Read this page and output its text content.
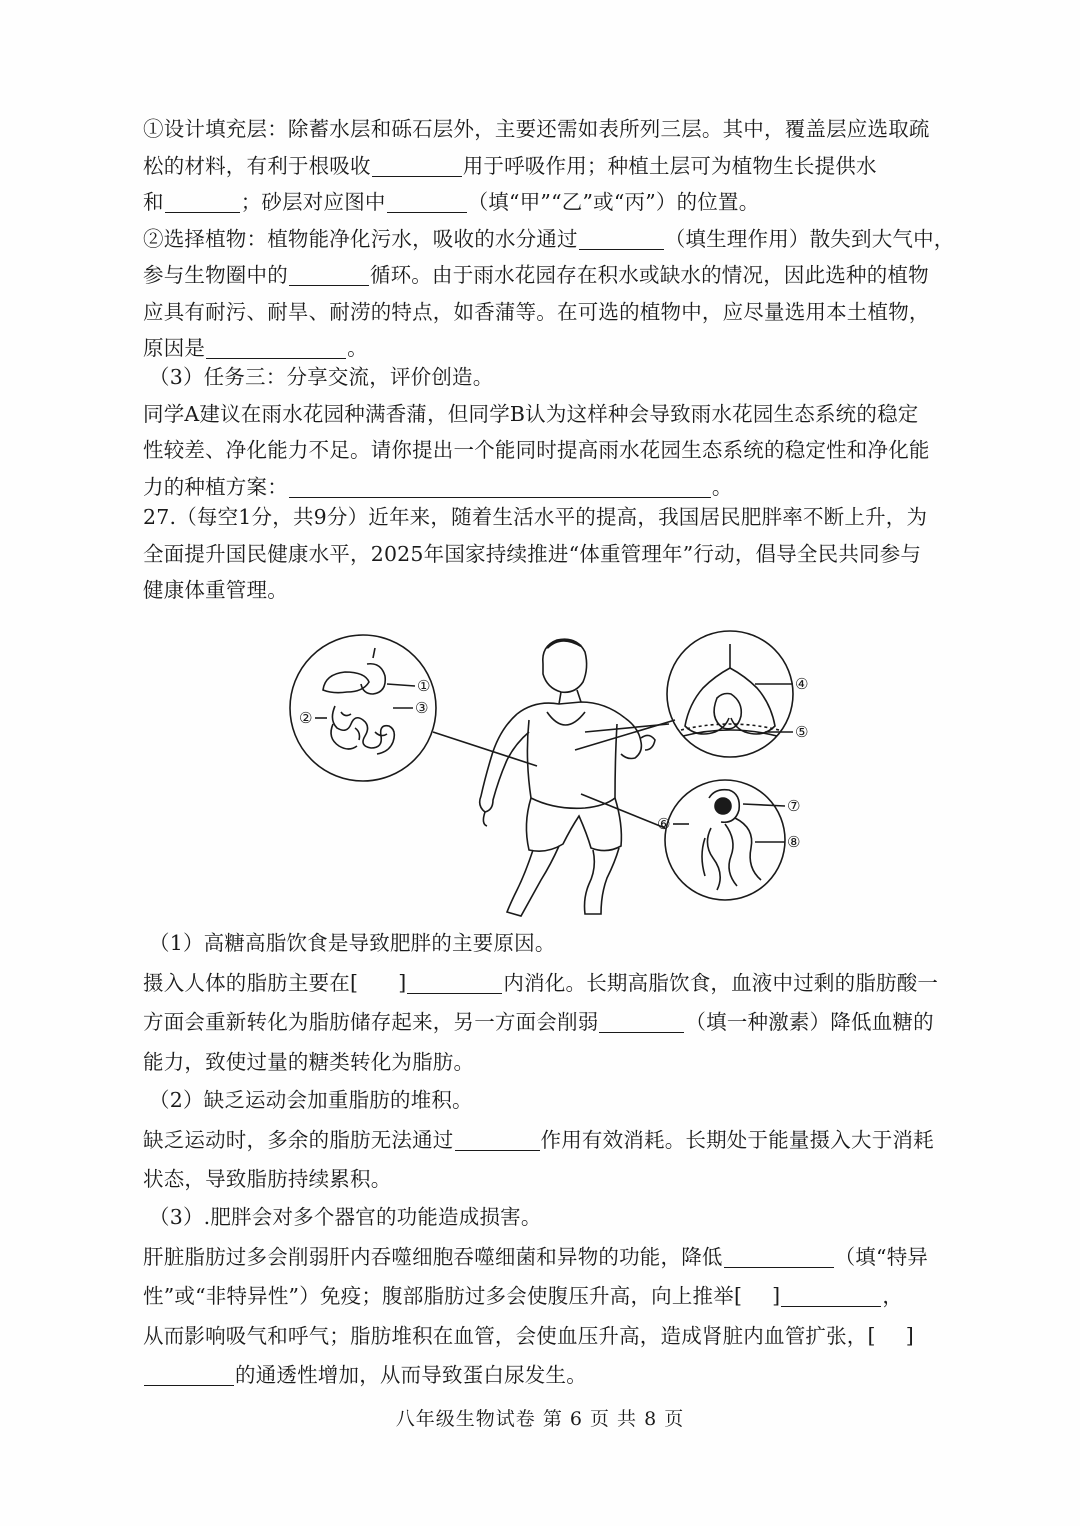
①设计填充层：除蓄水层和砾石层外，主要还需如表所列三层。其中，覆盖层应选取疏
松的材料，有利于根吸收	用于呼吸作用；种植土层可为植物生长提供水
和	；砂层对应图中	（填“甲”“乙”或“丙”）的位置。
②选择植物：植物能净化污水，吸收的水分通过	（填生理作用）散失到大气中，
参与生物圈中的	循环。由于雨水花园存在积水或缺水的情况，因此选种的植物
应具有耐污、耐旱、耐涝的特点，如香蒲等。在可选的植物中，应尽量选用本土植物，
原因是	。
（3）任务三：分享交流，评价创造。
同学A建议在雨水花园种满香蒲，但同学B认为这样种会导致雨水花园生态系统的稳定
性较差、净化能力不足。请你提出一个能同时提高雨水花园生态系统的稳定性和净化能
力的种植方案：	。
27.（每空1分，共9分）近年来，随着生活水平的提高，我国居民肥胖率不断上升，为
全面提升国民健康水平，2025年国家持续推进“体重管理年”行动，倡导全民共同参与
健康体重管理。
①
②
③
④
⑤
⑥
⑦
⑧
（1）高糖高脂饮食是导致肥胖的主要原因。
摄入人体的脂肪主要在[ ]	内消化。长期高脂饮食，血液中过剩的脂肪酸一
方面会重新转化为脂肪储存起来，另一方面会削弱	（填一种激素）降低血糖的
能力，致使过量的糖类转化为脂肪。
（2）缺乏运动会加重脂肪的堆积。
缺乏运动时，多余的脂肪无法通过	作用有效消耗。长期处于能量摄入大于消耗
状态，导致脂肪持续累积。
（3）.肥胖会对多个器官的功能造成损害。
肝脏脂肪过多会削弱肝内吞噬细胞吞噬细菌和异物的功能，降低	（填“特异
性”或“非特异性”）免疫；腹部脂肪过多会使腹压升高，向上推举[ ]	，
从而影响吸气和呼气；脂肪堆积在血管，会使血压升高，造成肾脏内血管扩张，[ ]
的通透性增加，从而导致蛋白尿发生。
八年级生物试卷 第 6 页 共 8 页
